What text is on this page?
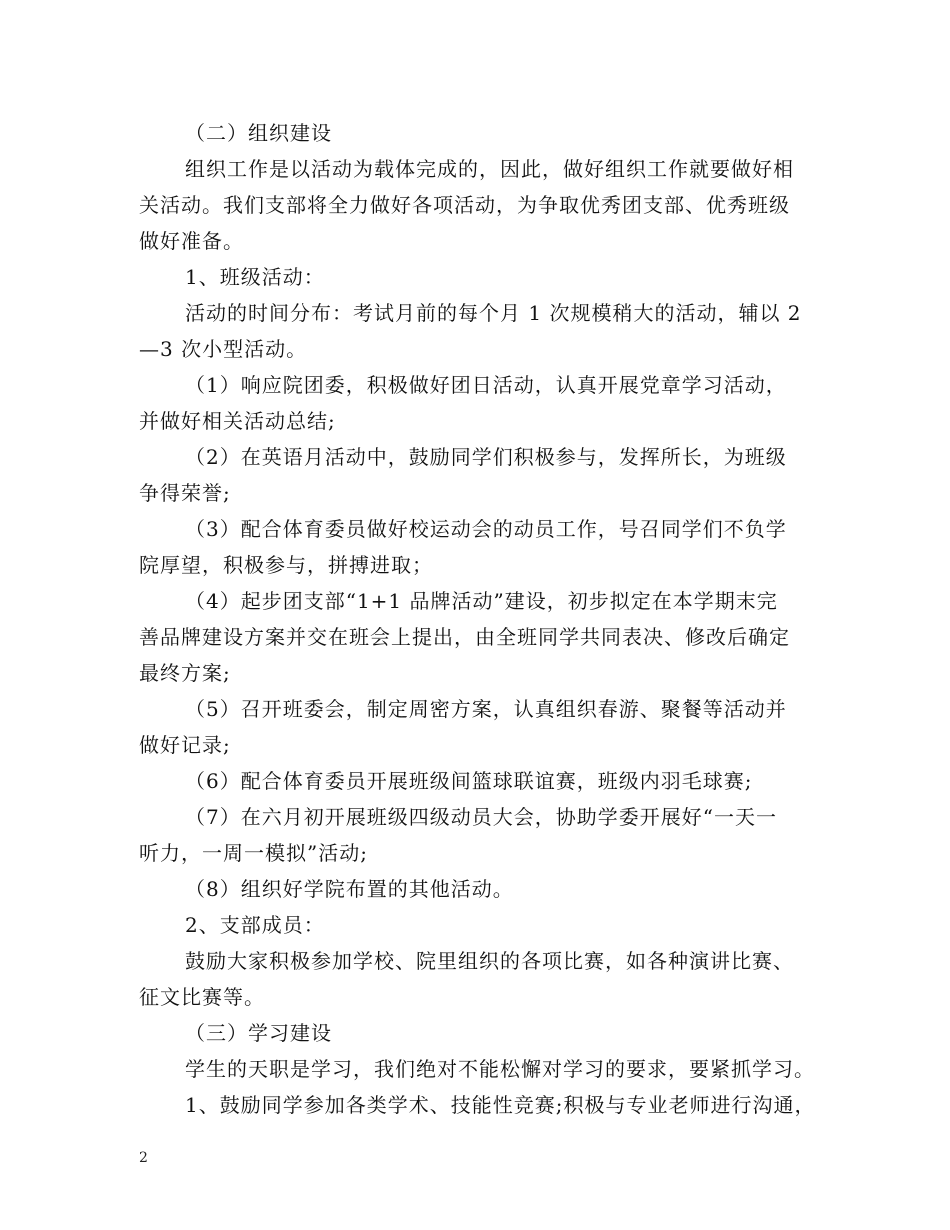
（二）组织建设
组织工作是以活动为载体完成的，因此，做好组织工作就要做好相
关活动。我们支部将全力做好各项活动，为争取优秀团支部、优秀班级
做好准备。
1、班级活动：
活动的时间分布：考试月前的每个月 1 次规模稍大的活动，辅以 2
—3 次小型活动。
（1）响应院团委，积极做好团日活动，认真开展党章学习活动，
并做好相关活动总结;
（2）在英语月活动中，鼓励同学们积极参与，发挥所长，为班级
争得荣誉;
（3）配合体育委员做好校运动会的动员工作，号召同学们不负学
院厚望，积极参与，拼搏进取；
（4）起步团支部“1+1 品牌活动”建设，初步拟定在本学期末完
善品牌建设方案并交在班会上提出，由全班同学共同表决、修改后确定
最终方案;
（5）召开班委会，制定周密方案，认真组织春游、聚餐等活动并
做好记录;
（6）配合体育委员开展班级间篮球联谊赛，班级内羽毛球赛;
（7）在六月初开展班级四级动员大会，协助学委开展好“一天一
听力，一周一模拟”活动;
（8）组织好学院布置的其他活动。
2、支部成员：
鼓励大家积极参加学校、院里组织的各项比赛，如各种演讲比赛、
征文比赛等。
（三）学习建设
学生的天职是学习，我们绝对不能松懈对学习的要求，要紧抓学习。
1、鼓励同学参加各类学术、技能性竞赛;积极与专业老师进行沟通，
2
